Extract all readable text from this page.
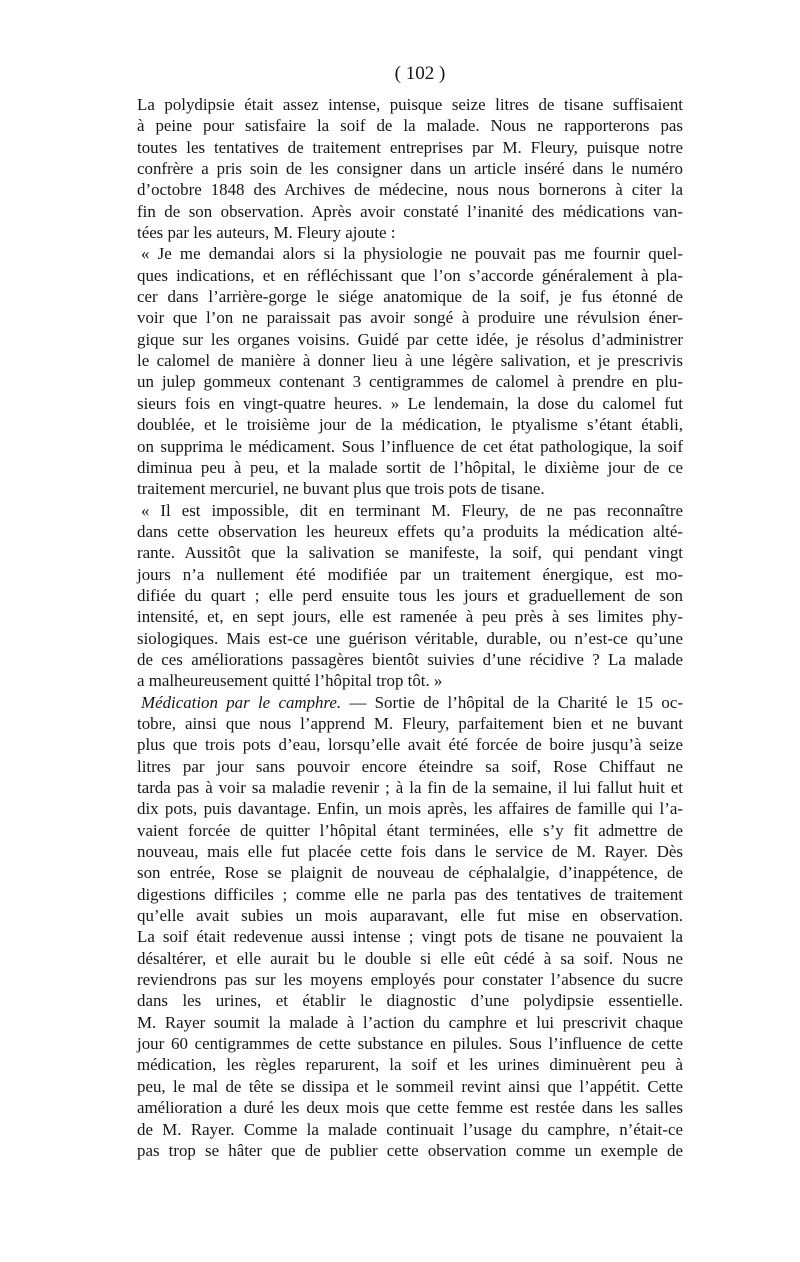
( 102 )
La polydipsie était assez intense, puisque seize litres de tisane suffisaient
à peine pour satisfaire la soif de la malade. Nous ne rapporterons pas
toutes les tentatives de traitement entreprises par M. Fleury, puisque notre
confrère a pris soin de les consigner dans un article inséré dans le numéro
d’octobre 1848 des Archives de médecine, nous nous bornerons à citer la
fin de son observation. Après avoir constaté l’inanité des médications van-
tées par les auteurs, M. Fleury ajoute :
« Je me demandai alors si la physiologie ne pouvait pas me fournir quel-
ques indications, et en réfléchissant que l’on s’accorde généralement à pla-
cer dans l’arrière-gorge le siége anatomique de la soif, je fus étonné de
voir que l’on ne paraissait pas avoir songé à produire une révulsion éner-
gique sur les organes voisins. Guidé par cette idée, je résolus d’administrer
le calomel de manière à donner lieu à une légère salivation, et je prescrivis
un julep gommeux contenant 3 centigrammes de calomel à prendre en plu-
sieurs fois en vingt-quatre heures. » Le lendemain, la dose du calomel fut
doublée, et le troisième jour de la médication, le ptyalisme s’étant établi,
on supprima le médicament. Sous l’influence de cet état pathologique, la soif
diminua peu à peu, et la malade sortit de l’hôpital, le dixième jour de ce
traitement mercuriel, ne buvant plus que trois pots de tisane.
« Il est impossible, dit en terminant M. Fleury, de ne pas reconnaître
dans cette observation les heureux effets qu’a produits la médication alté-
rante. Aussitôt que la salivation se manifeste, la soif, qui pendant vingt
jours n’a nullement été modifiée par un traitement énergique, est mo-
difiée du quart ; elle perd ensuite tous les jours et graduellement de son
intensité, et, en sept jours, elle est ramenée à peu près à ses limites phy-
siologiques. Mais est-ce une guérison véritable, durable, ou n’est-ce qu’une
de ces améliorations passagères bientôt suivies d’une récidive ? La malade
a malheureusement quitté l’hôpital trop tôt. »
Médication par le camphre. — Sortie de l’hôpital de la Charité le 15 oc-
tobre, ainsi que nous l’apprend M. Fleury, parfaitement bien et ne buvant
plus que trois pots d’eau, lorsqu’elle avait été forcée de boire jusqu’à seize
litres par jour sans pouvoir encore éteindre sa soif, Rose Chiffaut ne
tarda pas à voir sa maladie revenir ; à la fin de la semaine, il lui fallut huit et
dix pots, puis davantage. Enfin, un mois après, les affaires de famille qui l’a-
vaient forcée de quitter l’hôpital étant terminées, elle s’y fit admettre de
nouveau, mais elle fut placée cette fois dans le service de M. Rayer. Dès
son entrée, Rose se plaignit de nouveau de céphalalgie, d’inappétence, de
digestions difficiles ; comme elle ne parla pas des tentatives de traitement
qu’elle avait subies un mois auparavant, elle fut mise en observation.
La soif était redevenue aussi intense ; vingt pots de tisane ne pouvaient la
désaltérer, et elle aurait bu le double si elle eût cédé à sa soif. Nous ne
reviendrons pas sur les moyens employés pour constater l’absence du sucre
dans les urines, et établir le diagnostic d’une polydipsie essentielle.
M. Rayer soumit la malade à l’action du camphre et lui prescrivit chaque
jour 60 centigrammes de cette substance en pilules. Sous l’influence de cette
médication, les règles reparurent, la soif et les urines diminuèrent peu à
peu, le mal de tête se dissipa et le sommeil revint ainsi que l’appétit. Cette
amélioration a duré les deux mois que cette femme est restée dans les salles
de M. Rayer. Comme la malade continuait l’usage du camphre, n’était-ce
pas trop se hâter que de publier cette observation comme un exemple de
